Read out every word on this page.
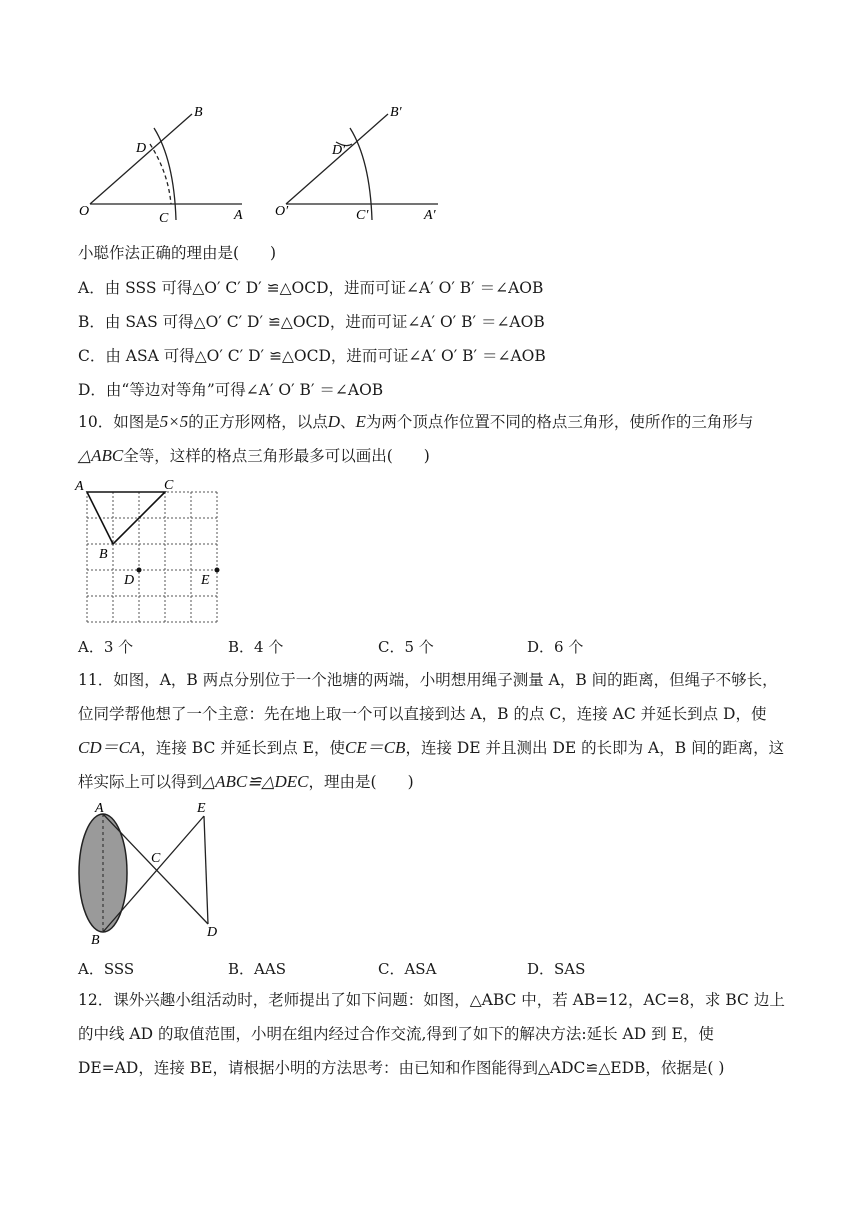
B
D
O	C	A
B′
D′
O′	C′	A′
小聪作法正确的理由是(　　)
A．由 SSS 可得△O′ C′ D′ ≌△OCD，进而可证∠A′ O′ B′ ＝∠AOB
B．由 SAS 可得△O′ C′ D′ ≌△OCD，进而可证∠A′ O′ B′ ＝∠AOB
C．由 ASA 可得△O′ C′ D′ ≌△OCD，进而可证∠A′ O′ B′ ＝∠AOB
D．由“等边对等角”可得∠A′ O′ B′ ＝∠AOB
10．如图是5×5的正方形网格，以点D、E为两个顶点作位置不同的格点三角形，使所作的三角形与△ABC全等，这样的格点三角形最多可以画出(　　)
A	C
B
D	E
A．3 个	B．4 个	C．5 个	D．6 个
11．如图，A，B 两点分别位于一个池塘的两端，小明想用绳子测量 A，B 间的距离，但绳子不够长，位同学帮他想了一个主意：先在地上取一个可以直接到达 A，B 的点 C，连接 AC 并延长到点 D，使CD＝CA，连接 BC 并延长到点 E，使CE＝CB，连接 DE 并且测出 DE 的长即为 A，B 间的距离，这样实际上可以得到△ABC≌△DEC，理由是(　　)
A	E
C
B
D
A．SSS	B．AAS	C．ASA	D．SAS
12．课外兴趣小组活动时，老师提出了如下问题：如图，△ABC 中，若 AB=12，AC=8，求 BC 边上的中线 AD 的取值范围，小明在组内经过合作交流,得到了如下的解决方法:延长 AD 到 E，使 DE=AD，连接 BE，请根据小明的方法思考：由已知和作图能得到△ADC≌△EDB，依据是( )
